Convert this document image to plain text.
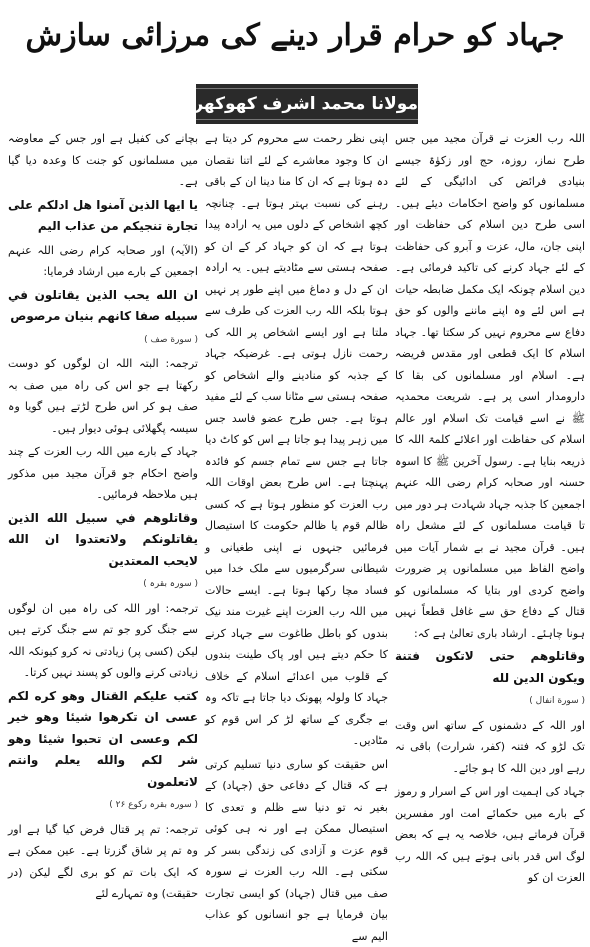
جہاد کو حرام قرار دینے کی مرزائی سازش
مولانا محمد اشرف کھوکھر

اللہ رب العزت نے قرآن مجید میں جس طرح نماز، روزہ، حج اور زکوٰۃ جیسے بنیادی فرائض کی ادائیگی کے لئے مسلمانوں کو واضح احکامات دیئے ہیں۔ اسی طرح دین اسلام کی حفاظت اور اپنی جان، مال، عزت و آبرو کی حفاظت کے لئے جہاد کرنے کی تاکید فرمائی ہے۔ دین اسلام چونکہ ایک مکمل ضابطہ حیات ہے اس لئے وہ اپنے ماننے والوں کو حق دفاع سے محروم نہیں کر سکتا تھا۔ جہاد اسلام کا ایک قطعی اور مقدس فریضہ ہے۔ اسلام اور مسلمانوں کی بقا کا دارومدار اسی پر ہے۔ شریعت محمدیہ ﷺ نے اسے قیامت تک اسلام اور عالم اسلام کی حفاظت اور اعلائے کلمۃ اللہ کا ذریعہ بنایا ہے۔ رسول آخرین ﷺ کا اسوہ حسنہ اور صحابہ کرام رضی اللہ عنہم اجمعین کا جذبہ جہاد شہادت ہر دور میں تا قیامت مسلمانوں کے لئے مشعل راہ ہیں۔ قرآن مجید نے بے شمار آیات میں واضح الفاظ میں مسلمانوں پر ضرورت واضح کردی اور بتایا کہ مسلمانوں کو قتال کے دفاع حق سے غافل قطعاً نہیں ہونا چاہئے۔ ارشاد باری تعالیٰ ہے کہ:

وقاتلوهم حتى لاتكون فتنة ويكون الدين لله

( سورة انفال )

اور اللہ کے دشمنوں کے ساتھ اس وقت تک لڑو کہ فتنہ (کفر، شرارت) باقی نہ رہے اور دین اللہ کا ہو جائے۔

جہاد کی اہمیت اور اس کے اسرار و رموز کے بارے میں حکمائے امت اور مفسرین قرآن فرماتے ہیں، خلاصہ یہ ہے کہ بعض لوگ اس قدر بانی ہوتے ہیں کہ اللہ رب العزت ان کو

اپنی نظر رحمت سے محروم کر دیتا ہے ان کا وجود معاشرے کے لئے اتنا نقصان دہ ہوتا ہے کہ ان کا منا دینا ان کے باقی رہنے کی نسبت بہتر ہوتا ہے۔ چنانچہ کچھ اشخاص کے دلوں میں یہ ارادہ پیدا ہوتا ہے کہ ان کو جہاد کر کے ان کو صفحہ ہستی سے مٹادیتے ہیں۔ یہ ارادہ ان کے دل و دماغ میں اپنے طور پر نہیں ہوتا بلکہ اللہ رب العزت کی طرف سے ملتا ہے اور ایسے اشخاص پر اللہ کی رحمت نازل ہوتی ہے۔ غرضیکہ جہاد کے جذبہ کو منادینے والے اشخاص کو صفحہ ہستی سے مٹانا سب کے لئے مفید ہوتا ہے۔ جس طرح عضو فاسد جس میں زہر پیدا ہو جاتا ہے اس کو کاٹ دیا جاتا ہے جس سے تمام جسم کو فائدہ پہنچتا ہے۔ اس طرح بعض اوقات اللہ رب العزت کو منظور ہوتا ہے کہ کسی ظالم قوم یا ظالم حکومت کا استیصال فرمائیں جنہوں نے اپنی طغیانی و شیطانی سرگرمیوں سے ملک خدا میں فساد مچا رکھا ہوتا ہے۔ ایسے حالات میں اللہ رب العزت اپنے غیرت مند نیک بندوں کو باطل طاغوت سے جہاد کرنے کا حکم دیتے ہیں اور پاک طینت بندوں کے قلوب میں اعدائے اسلام کے خلاف جہاد کا ولولہ پھونک دیا جاتا ہے تاکہ وہ بے جگری کے ساتھ لڑ کر اس قوم کو مٹادیں۔

اس حقیقت کو ساری دنیا تسلیم کرتی ہے کہ قتال کے دفاعی حق (جہاد) کے بغیر نہ تو دنیا سے ظلم و تعدی کا استیصال ممکن ہے اور نہ ہی کوئی قوم عزت و آزادی کی زندگی بسر کر سکتی ہے۔ اللہ رب العزت نے سورہ صف میں قتال (جہاد) کو ایسی تجارت بیان فرمایا ہے جو انسانوں کو عذاب الیم سے

بچانے کی کفیل ہے اور جس کے معاوضہ میں مسلمانوں کو جنت کا وعدہ دیا گیا ہے۔

يا ايها الذين آمنوا هل ادلكم على تجارة تنجيكم من عذاب اليم

(الآیہ) اور صحابہ کرام رضی اللہ عنہم اجمعین کے بارے میں ارشاد فرمایا:

ان الله يحب الذين يقاتلون في سبيله صفا كانهم بنيان مرصوص

( سورة صف )

ترجمہ: البتہ اللہ ان لوگوں کو دوست رکھتا ہے جو اس کی راہ میں صف بہ صف ہو کر اس طرح لڑتے ہیں گویا وہ سیسہ پگھلائی ہوئی دیوار ہیں۔

جہاد کے بارے میں اللہ رب العزت کے چند واضح احکام جو قرآن مجید میں مذکور ہیں ملاحظہ فرمائیں۔

وقاتلوهم في سبيل الله الذين يقاتلونكم ولاتعتدوا ان الله لايحب المعتدين

( سورہ بقرہ )

ترجمہ: اور اللہ کی راہ میں ان لوگوں سے جنگ کرو جو تم سے جنگ کرتے ہیں لیکن (کسی پر) زیادتی نہ کرو کیونکہ اللہ زیادتی کرنے والوں کو پسند نہیں کرتا۔

كتب عليكم القتال وهو كره لكم عسى ان تكرهوا شيئا وهو خير لكم وعسى ان تحبوا شيئا وهو شر لكم والله يعلم وانتم لاتعلمون

( سورہ بقرہ رکوع ۲۶ )

ترجمہ: تم پر قتال فرض کیا گیا ہے اور وہ تم پر شاق گزرتا ہے۔ عین ممکن ہے کہ ایک بات تم کو بری لگے لیکن (در حقیقت) وہ تمہارے لئے
